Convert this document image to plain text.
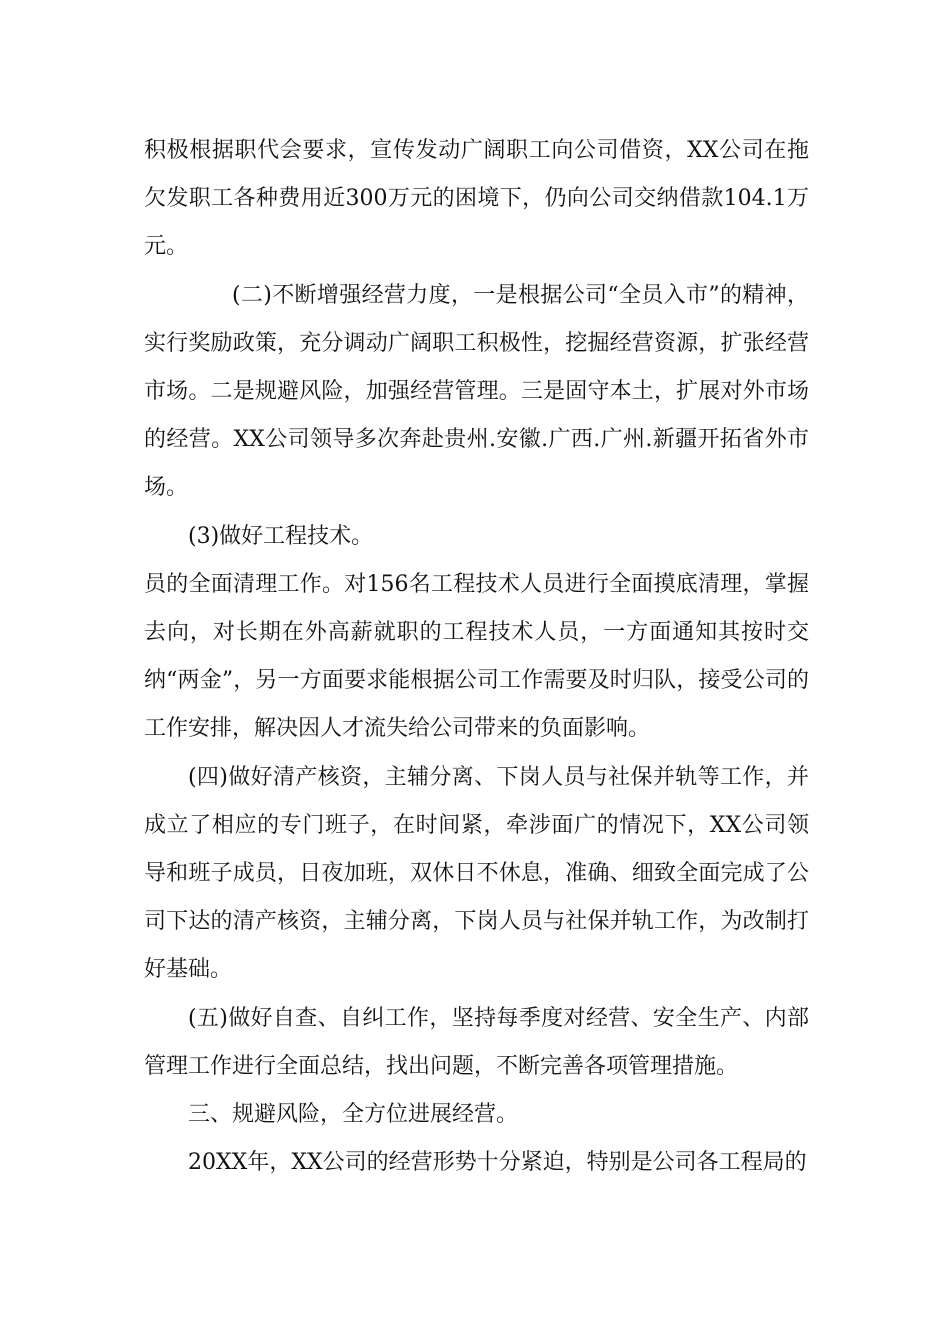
积极根据职代会要求，宣传发动广阔职工向公司借资，XX公司在拖欠发职工各种费用近300万元的困境下，仍向公司交纳借款104.1万元。

(二)不断增强经营力度，一是根据公司“全员入市”的精神，实行奖励政策，充分调动广阔职工积极性，挖掘经营资源，扩张经营市场。二是规避风险，加强经营管理。三是固守本土，扩展对外市场的经营。XX公司领导多次奔赴贵州.安徽.广西.广州.新疆开拓省外市场。

(3)做好工程技术。

员的全面清理工作。对156名工程技术人员进行全面摸底清理，掌握去向，对长期在外高薪就职的工程技术人员，一方面通知其按时交纳“两金”，另一方面要求能根据公司工作需要及时归队，接受公司的工作安排，解决因人才流失给公司带来的负面影响。

(四)做好清产核资，主辅分离、下岗人员与社保并轨等工作，并成立了相应的专门班子，在时间紧，牵涉面广的情况下，XX公司领导和班子成员，日夜加班，双休日不休息，准确、细致全面完成了公司下达的清产核资，主辅分离，下岗人员与社保并轨工作，为改制打好基础。

(五)做好自查、自纠工作，坚持每季度对经营、安全生产、内部管理工作进行全面总结，找出问题，不断完善各项管理措施。

三、规避风险，全方位进展经营。

20XX年，XX公司的经营形势十分紧迫，特别是公司各工程局的
